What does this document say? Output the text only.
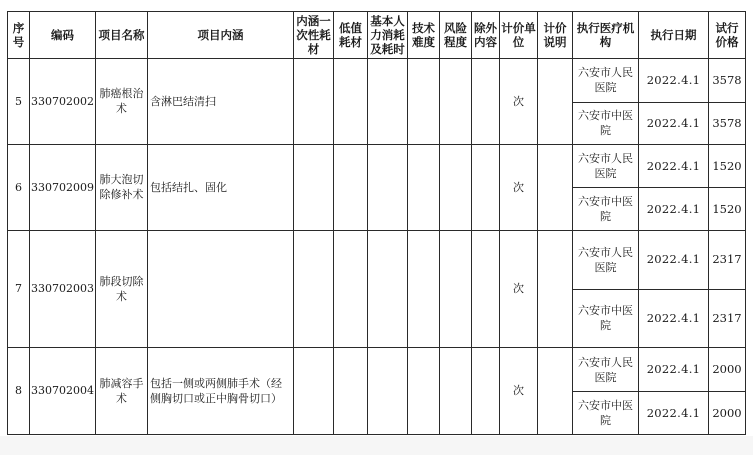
序号	编码	项目名称	项目内涵	内涵一次性耗材	低值耗材	基本人力消耗及耗时	技术难度	风险程度	除外内容	计价单位	计价说明	执行医疗机构	执行日期	试行价格
5	330702002	肺癌根治术	含淋巴结清扫							次		六安市人民医院	2022.4.1	3578
												六安市中医院	2022.4.1	3578
6	330702009	肺大泡切除修补术	包括结扎、固化							次		六安市人民医院	2022.4.1	1520
												六安市中医院	2022.4.1	1520
7	330702003	肺段切除术								次		六安市人民医院	2022.4.1	2317
												六安市中医院	2022.4.1	2317
8	330702004	肺减容手术	包括一侧或两侧肺手术（经侧胸切口或正中胸骨切口）							次		六安市人民医院	2022.4.1	2000
												六安市中医院	2022.4.1	2000
